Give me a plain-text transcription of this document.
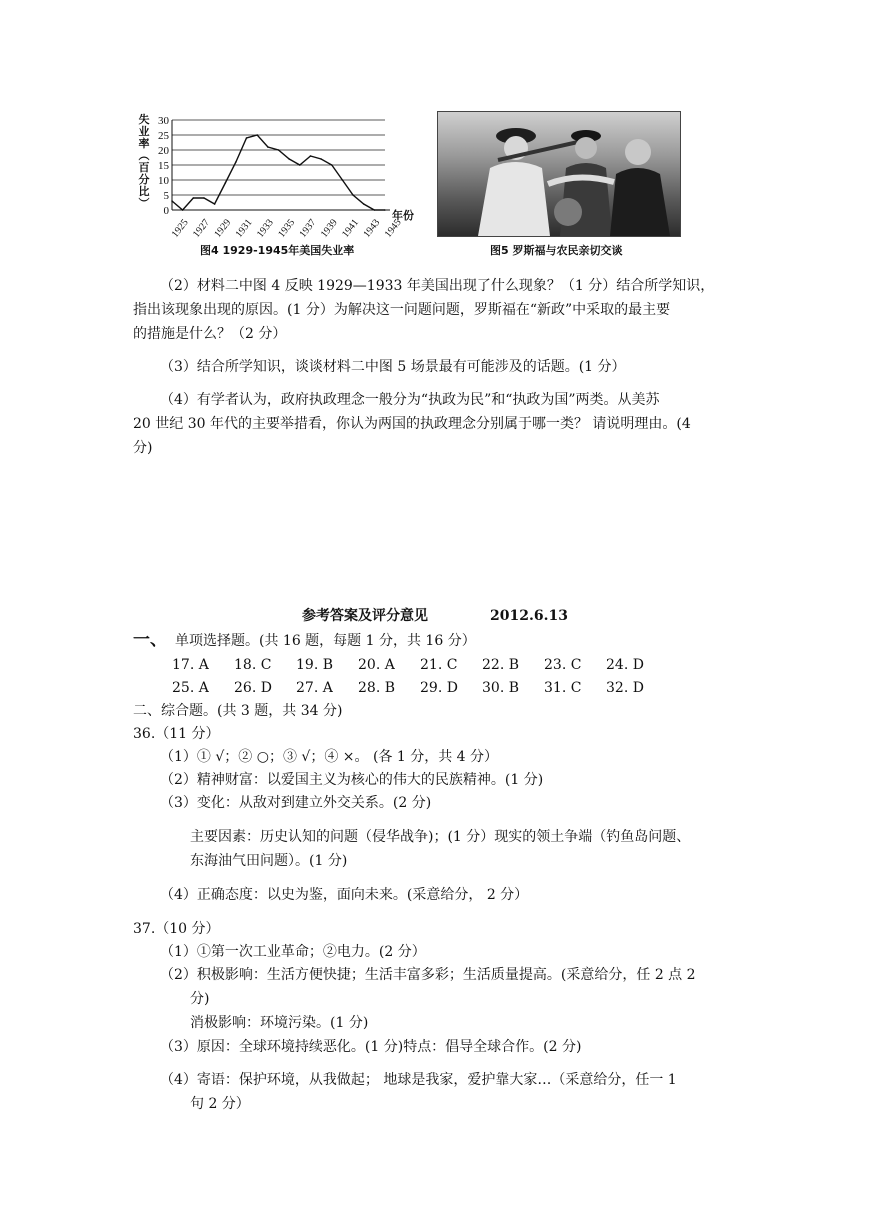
0
5
10
15
20
25
30
1925 1927 1929 1931 1933 1935 1937 1939 1941 1943 1945
年份
失
业
率
︵
百
分
比
︶
图4 1929-1945年美国失业率	图5 罗斯福与农民亲切交谈
（2）材料二中图 4 反映 1929—1933 年美国出现了什么现象？（1 分）结合所学知识，
指出该现象出现的原因。(1 分）为解决这一问题问题，罗斯福在“新政”中采取的最主要
的措施是什么？（2 分）
（3）结合所学知识，谈谈材料二中图 5 场景最有可能涉及的话题。(1 分）
（4）有学者认为，政府执政理念一般分为“执政为民”和“执政为国”两类。从美苏
20 世纪 30 年代的主要举措看，你认为两国的执政理念分别属于哪一类？ 请说明理由。(4
分)
参考答案及评分意见	2012.6.13
一、 单项选择题。(共 16 题，每题 1 分，共 16 分）
17. A 18. C 19. B 20. A 21. C 22. B 23. C 24. D
25. A 26. D 27. A 28. B 29. D 30. B 31. C 32. D
二、综合题。(共 3 题，共 34 分)
36.（11 分）
（1）① √；② ○；③ √；④ ×。 (各 1 分，共 4 分）
（2）精神财富：以爱国主义为核心的伟大的民族精神。(1 分)
（3）变化：从敌对到建立外交关系。(2 分)
主要因素：历史认知的问题（侵华战争)；(1 分）现实的领土争端（钓鱼岛问题、
东海油气田问题）。(1 分)
（4）正确态度：以史为鉴，面向未来。(采意给分， 2 分）
37.（10 分）
（1）①第一次工业革命；②电力。(2 分）
（2）积极影响：生活方便快捷；生活丰富多彩；生活质量提高。(采意给分，任 2 点 2
分)
消极影响：环境污染。(1 分)
（3）原因：全球环境持续恶化。(1 分)特点：倡导全球合作。(2 分)
（4）寄语：保护环境，从我做起； 地球是我家，爱护靠大家…（采意给分，任一 1
句 2 分）
